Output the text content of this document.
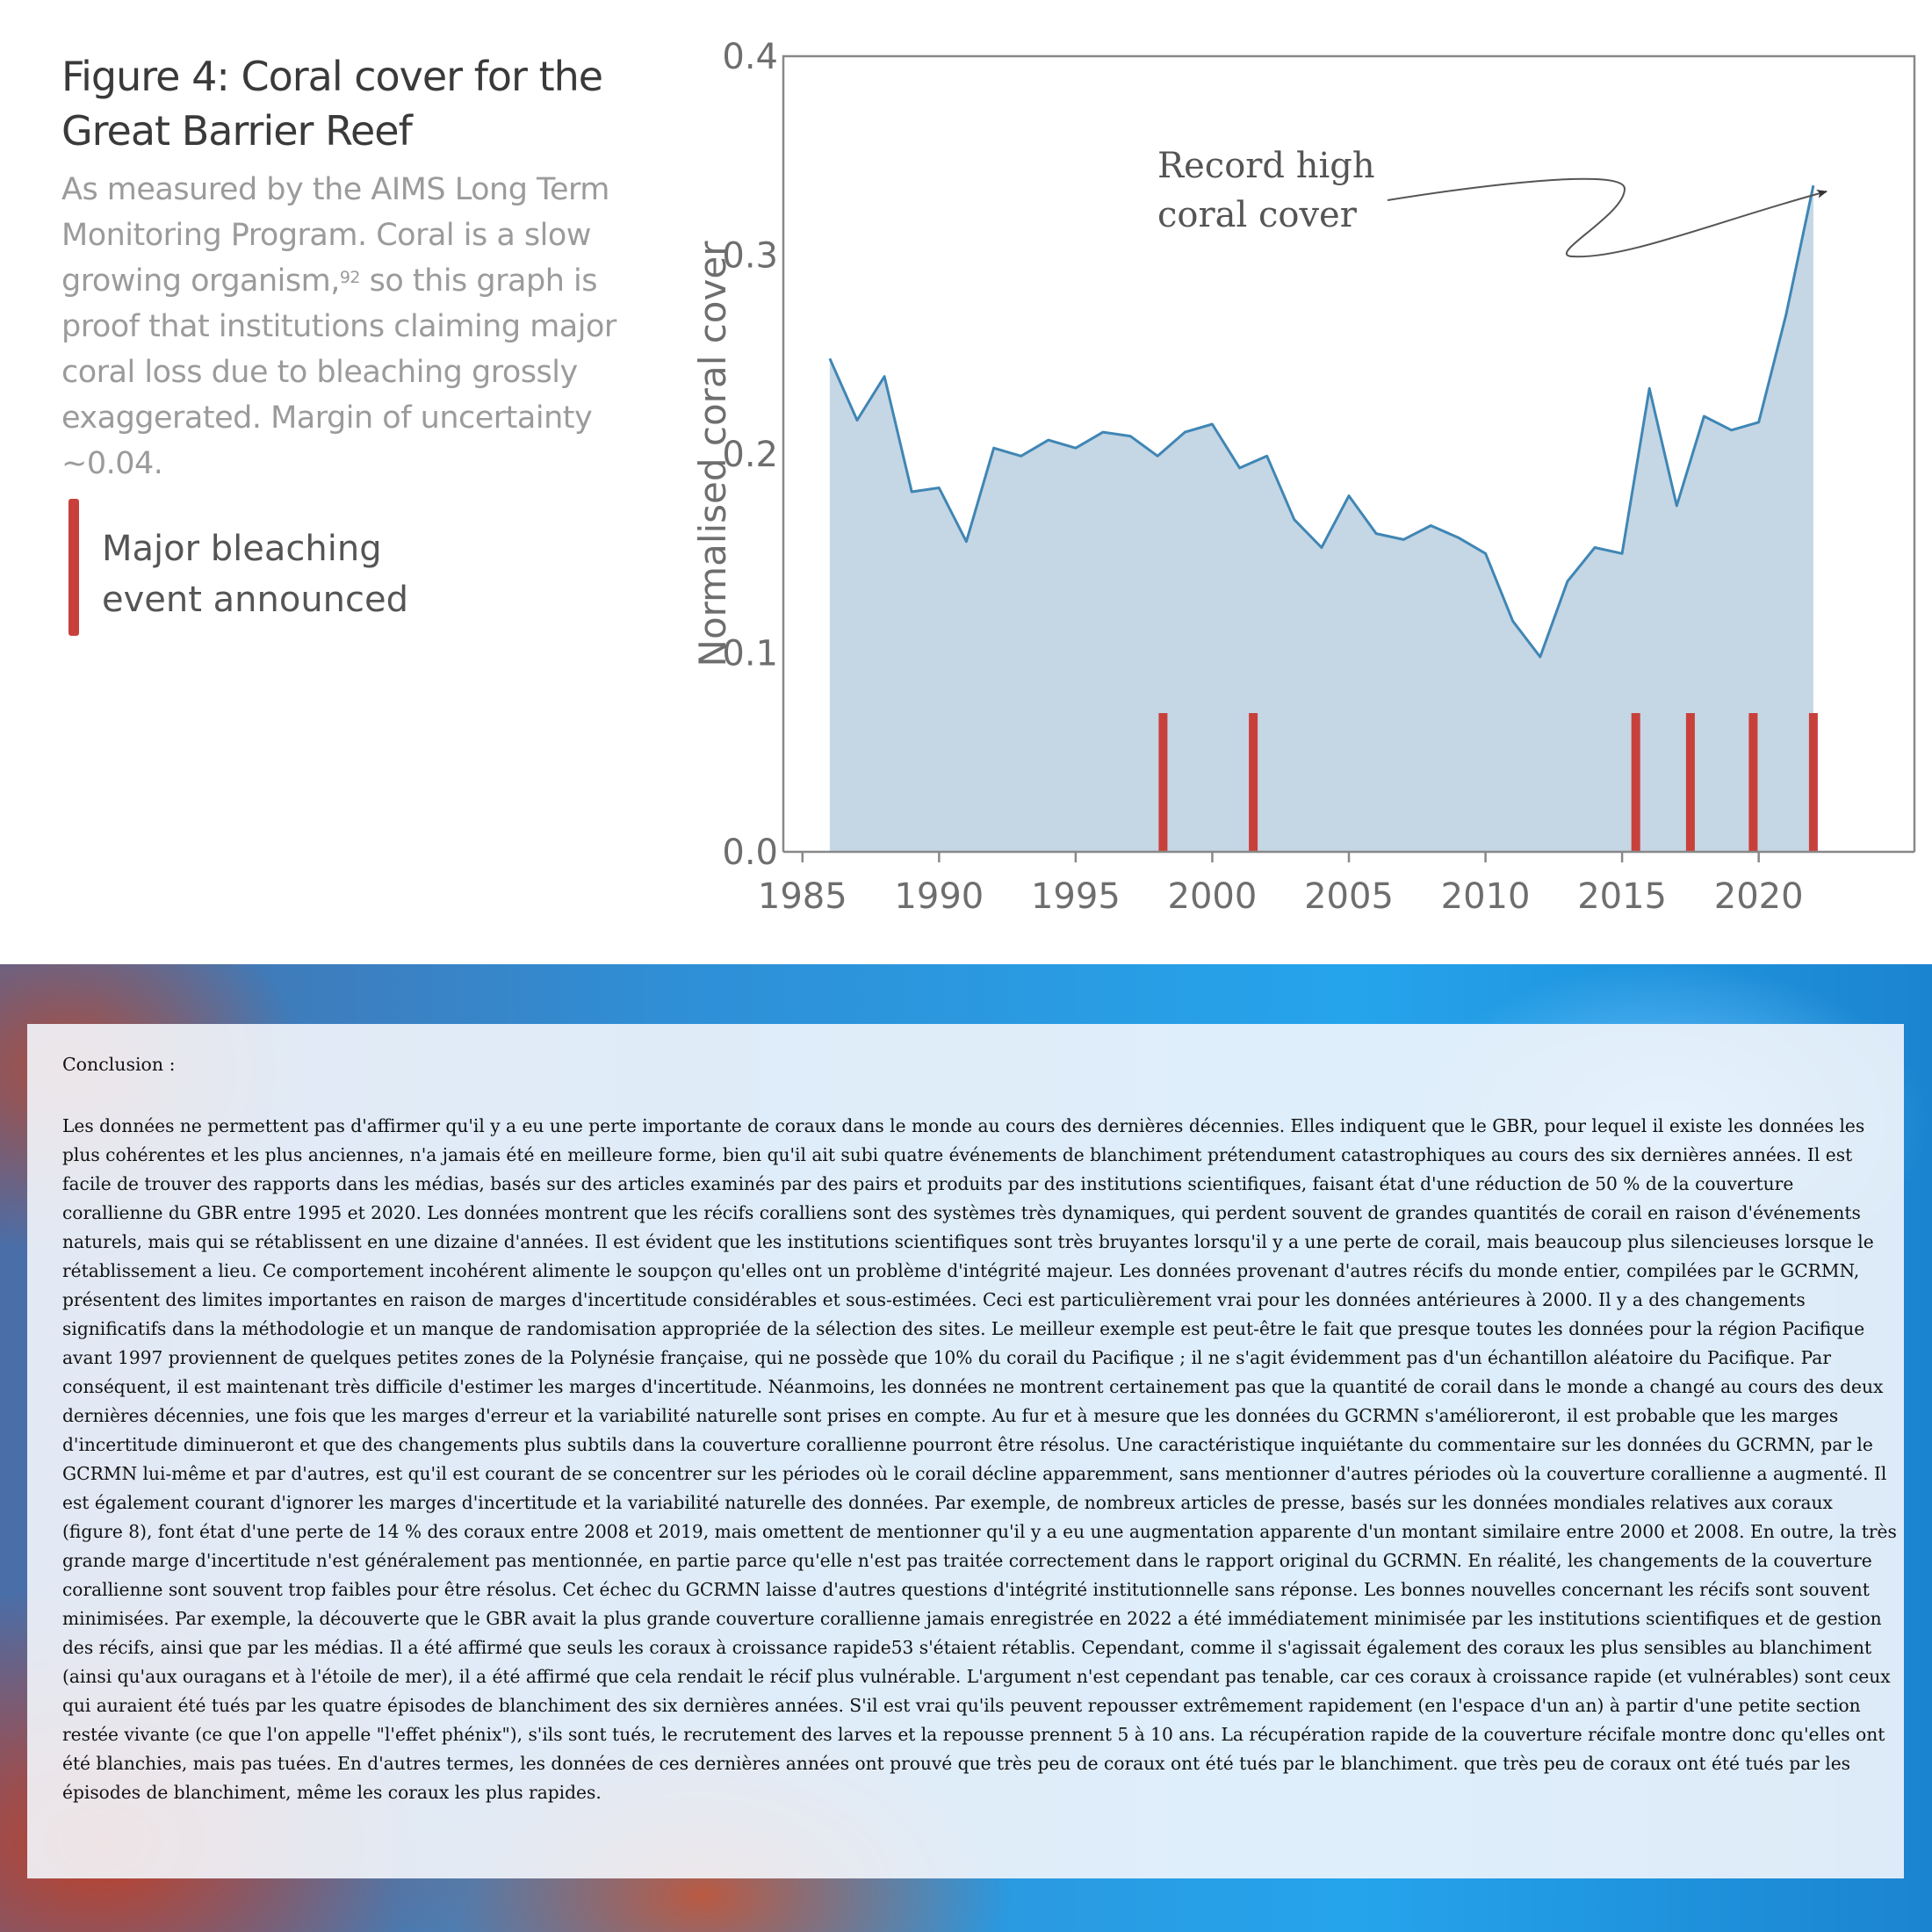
Figure 4: Coral cover for the Great Barrier Reef
As measured by the AIMS Long Term Monitoring Program. Coral is a slow growing organism,$^{92}$ so this graph is proof that institutions claiming major coral loss due to bleaching grossly exaggerated. Margin of uncertainty ~0.04.
Major bleaching event announced
1985 1990 1995 2000 2005 2010 2015 2020
0.0
0.1
0.2
0.3
0.4
Normalised coral cover
Record high
coral cover
Conclusion :
Les données ne permettent pas d'affirmer qu'il y a eu une perte importante de coraux dans le monde au cours des dernières décennies. Elles indiquent que le GBR, pour lequel il existe les données les plus cohérentes et les plus anciennes, n'a jamais été en meilleure forme, bien qu'il ait subi quatre événements de blanchiment prétendument catastrophiques au cours des six dernières années. Il est facile de trouver des rapports dans les médias, basés sur des articles examinés par des pairs et produits par des institutions scientifiques, faisant état d'une réduction de 50 % de la couverture corallienne du GBR entre 1995 et 2020. Les données montrent que les récifs coralliens sont des systèmes très dynamiques, qui perdent souvent de grandes quantités de corail en raison d'événements naturels, mais qui se rétablissent en une dizaine d'années. Il est évident que les institutions scientifiques sont très bruyantes lorsqu'il y a une perte de corail, mais beaucoup plus silencieuses lorsque le rétablissement a lieu. Ce comportement incohérent alimente le soupçon qu'elles ont un problème d'intégrité majeur. Les données provenant d'autres récifs du monde entier, compilées par le GCRMN, présentent des limites importantes en raison de marges d'incertitude considérables et sous-estimées. Ceci est particulièrement vrai pour les données antérieures à 2000. Il y a des changements significatifs dans la méthodologie et un manque de randomisation appropriée de la sélection des sites. Le meilleur exemple est peut-être le fait que presque toutes les données pour la région Pacifique avant 1997 proviennent de quelques petites zones de la Polynésie française, qui ne possède que 10% du corail du Pacifique ; il ne s'agit évidemment pas d'un échantillon aléatoire du Pacifique. Par conséquent, il est maintenant très difficile d'estimer les marges d'incertitude. Néanmoins, les données ne montrent certainement pas que la quantité de corail dans le monde a changé au cours des deux dernières décennies, une fois que les marges d'erreur et la variabilité naturelle sont prises en compte. Au fur et à mesure que les données du GCRMN s'amélioreront, il est probable que les marges d'incertitude diminueront et que des changements plus subtils dans la couverture corallienne pourront être résolus. Une caractéristique inquiétante du commentaire sur les données du GCRMN, par le GCRMN lui-même et par d'autres, est qu'il est courant de se concentrer sur les périodes où le corail décline apparemment, sans mentionner d'autres périodes où la couverture corallienne a augmenté. Il est également courant d'ignorer les marges d'incertitude et la variabilité naturelle des données. Par exemple, de nombreux articles de presse, basés sur les données mondiales relatives aux coraux (figure 8), font état d'une perte de 14 % des coraux entre 2008 et 2019, mais omettent de mentionner qu'il y a eu une augmentation apparente d'un montant similaire entre 2000 et 2008. En outre, la très grande marge d'incertitude n'est généralement pas mentionnée, en partie parce qu'elle n'est pas traitée correctement dans le rapport original du GCRMN. En réalité, les changements de la couverture corallienne sont souvent trop faibles pour être résolus. Cet échec du GCRMN laisse d'autres questions d'intégrité institutionnelle sans réponse. Les bonnes nouvelles concernant les récifs sont souvent minimisées. Par exemple, la découverte que le GBR avait la plus grande couverture corallienne jamais enregistrée en 2022 a été immédiatement minimisée par les institutions scientifiques et de gestion des récifs, ainsi que par les médias. Il a été affirmé que seuls les coraux à croissance rapide53 s'étaient rétablis. Cependant, comme il s'agissait également des coraux les plus sensibles au blanchiment (ainsi qu'aux ouragans et à l'étoile de mer), il a été affirmé que cela rendait le récif plus vulnérable. L'argument n'est cependant pas tenable, car ces coraux à croissance rapide (et vulnérables) sont ceux qui auraient été tués par les quatre épisodes de blanchiment des six dernières années. S'il est vrai qu'ils peuvent repousser extrêmement rapidement (en l'espace d'un an) à partir d'une petite section restée vivante (ce que l'on appelle "l'effet phénix"), s'ils sont tués, le recrutement des larves et la repousse prennent 5 à 10 ans. La récupération rapide de la couverture récifale montre donc qu'elles ont été blanchies, mais pas tuées. En d'autres termes, les données de ces dernières années ont prouvé que très peu de coraux ont été tués par le blanchiment. que très peu de coraux ont été tués par les épisodes de blanchiment, même les coraux les plus rapides.
